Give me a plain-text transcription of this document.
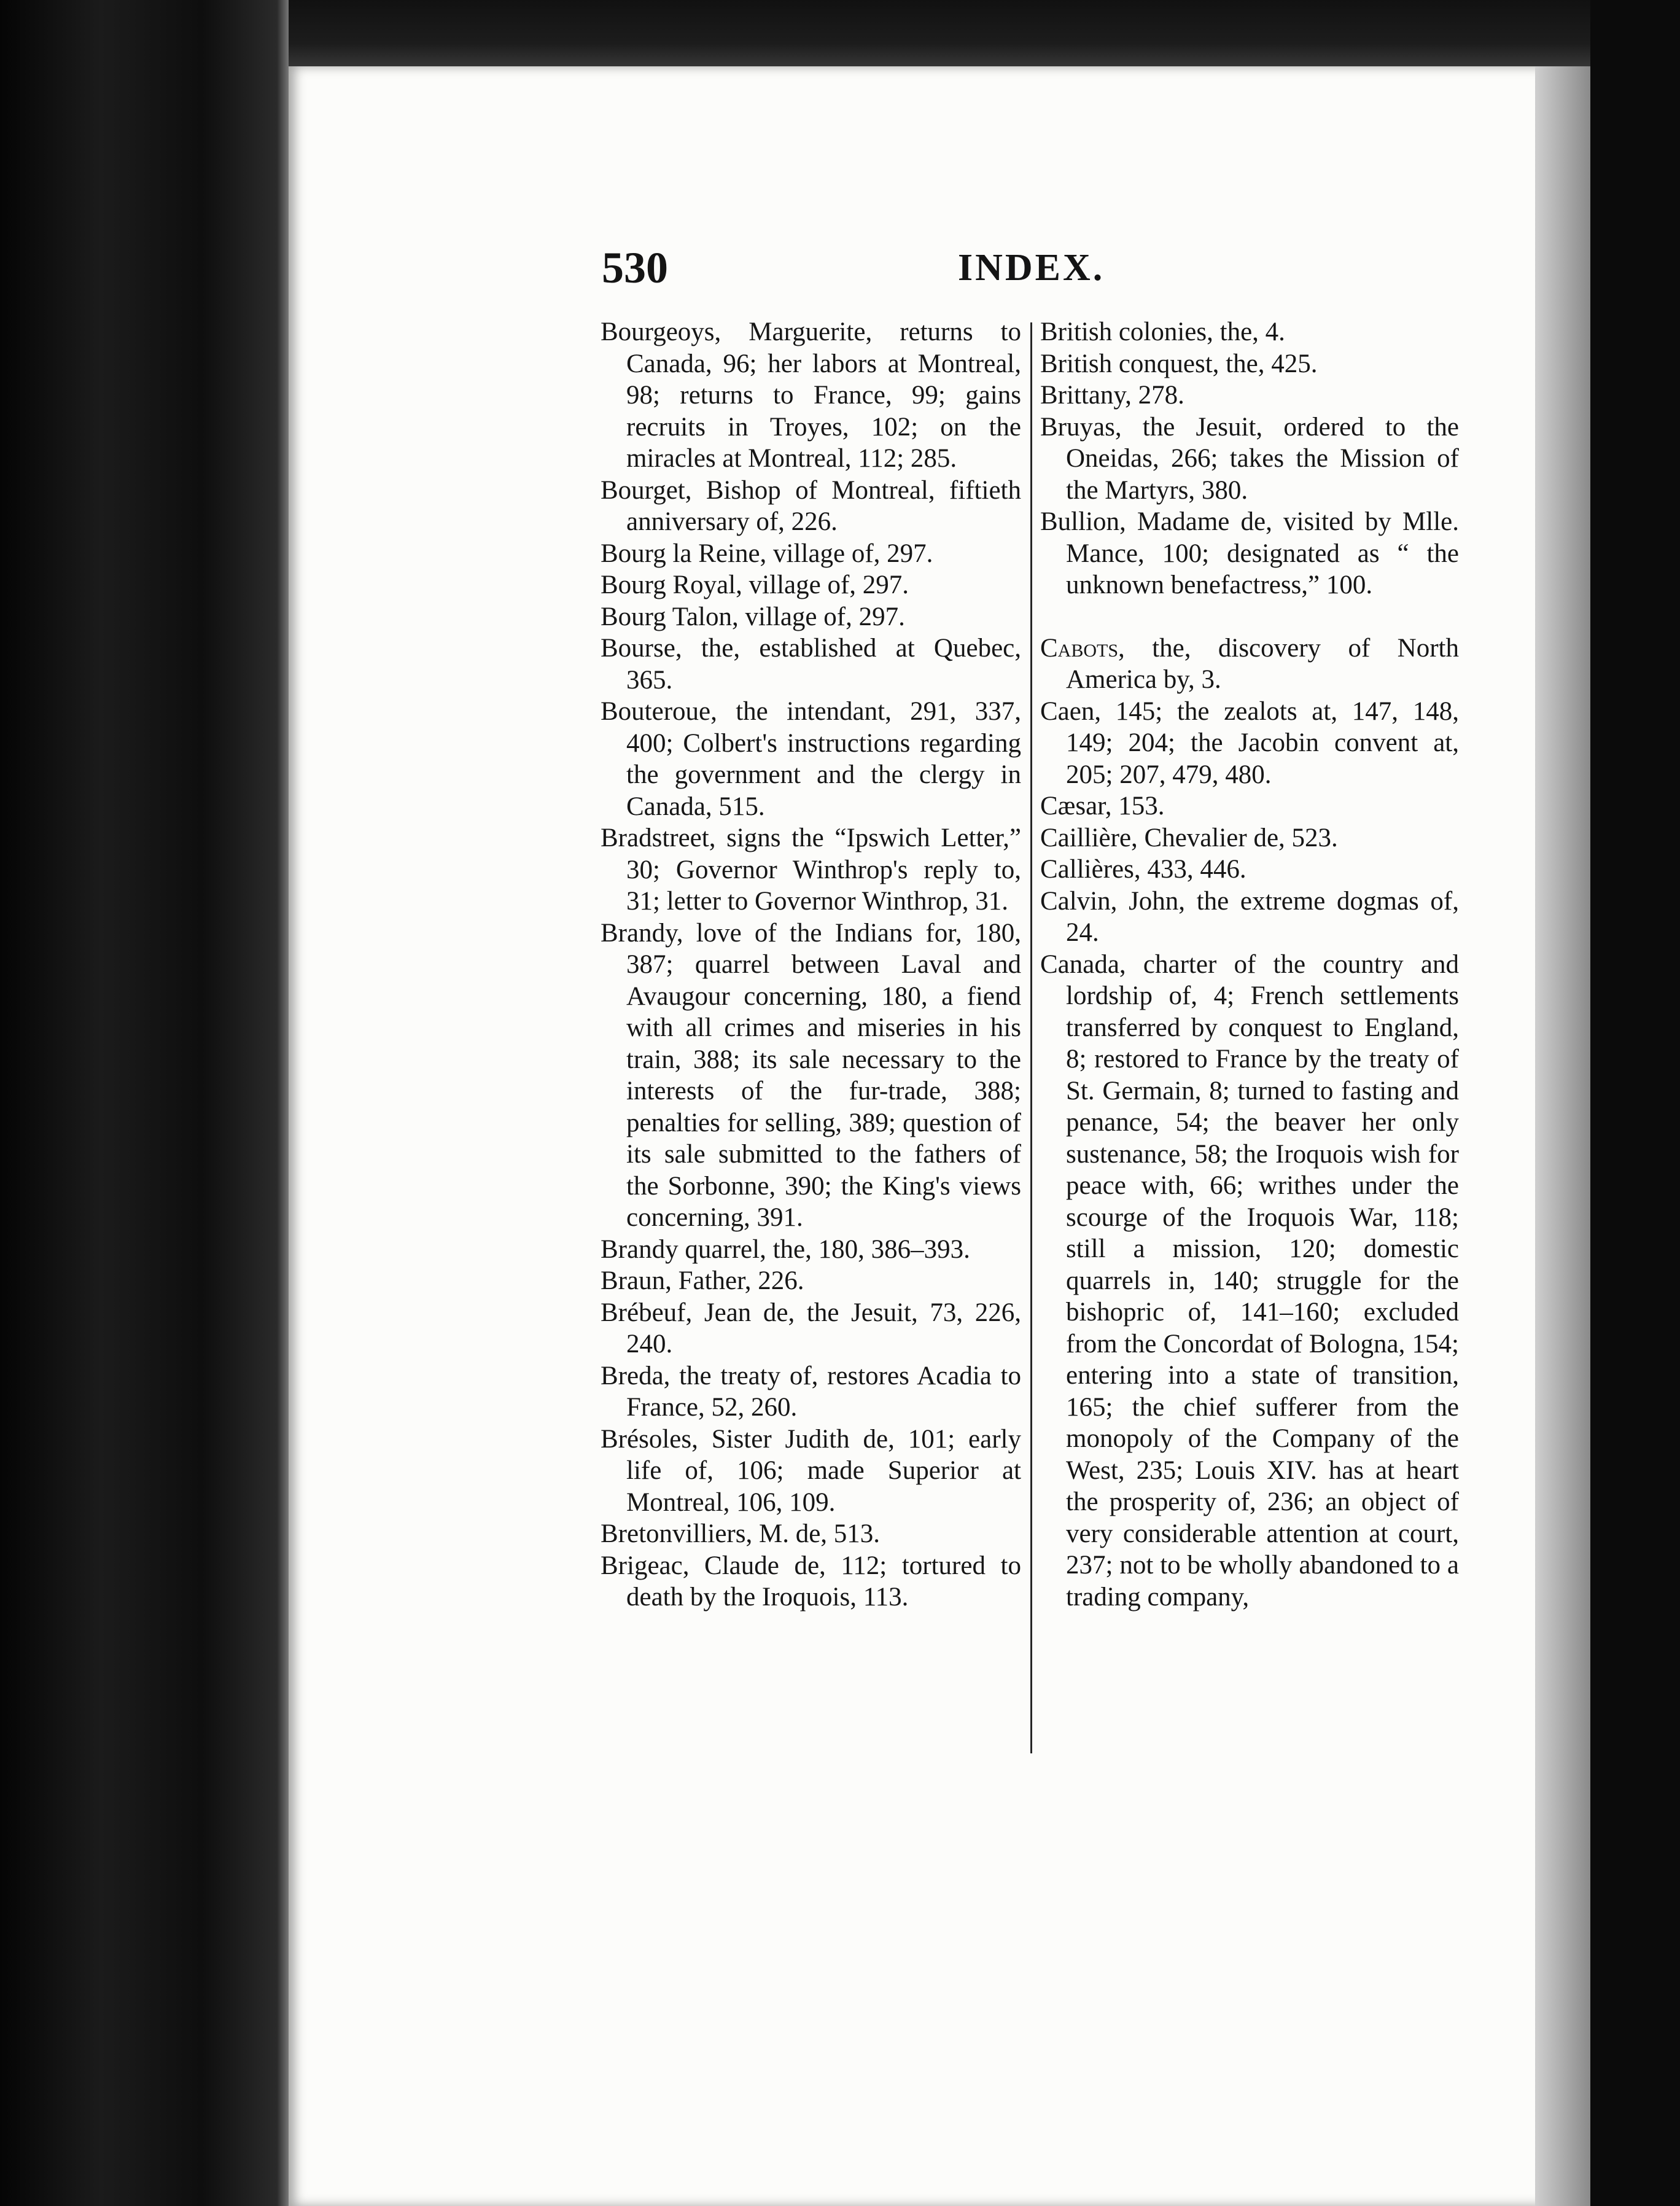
530	INDEX.

Bourgeoys, Marguerite, returns to Canada, 96; her labors at Montreal, 98; returns to France, 99; gains recruits in Troyes, 102; on the miracles at Montreal, 112; 285.

Bourget, Bishop of Montreal, fiftieth anniversary of, 226.

Bourg la Reine, village of, 297.

Bourg Royal, village of, 297.

Bourg Talon, village of, 297.

Bourse, the, established at Quebec, 365.

Bouteroue, the intendant, 291, 337, 400; Colbert's instructions regarding the government and the clergy in Canada, 515.

Bradstreet, signs the “Ipswich Letter,” 30; Governor Winthrop's reply to, 31; letter to Governor Winthrop, 31.

Brandy, love of the Indians for, 180, 387; quarrel between Laval and Avaugour concerning, 180, a fiend with all crimes and miseries in his train, 388; its sale necessary to the interests of the fur-trade, 388; penalties for selling, 389; question of its sale submitted to the fathers of the Sorbonne, 390; the King's views concerning, 391.

Brandy quarrel, the, 180, 386–393.

Braun, Father, 226.

Brébeuf, Jean de, the Jesuit, 73, 226, 240.

Breda, the treaty of, restores Acadia to France, 52, 260.

Brésoles, Sister Judith de, 101; early life of, 106; made Superior at Montreal, 106, 109.

Bretonvilliers, M. de, 513.

Brigeac, Claude de, 112; tortured to death by the Iroquois, 113.

British colonies, the, 4.

British conquest, the, 425.

Brittany, 278.

Bruyas, the Jesuit, ordered to the Oneidas, 266; takes the Mission of the Martyrs, 380.

Bullion, Madame de, visited by Mlle. Mance, 100; designated as “ the unknown benefactress,” 100.

Cabots, the, discovery of North America by, 3.

Caen, 145; the zealots at, 147, 148, 149; 204; the Jacobin convent at, 205; 207, 479, 480.

Cæsar, 153.

Caillière, Chevalier de, 523.

Callières, 433, 446.

Calvin, John, the extreme dogmas of, 24.

Canada, charter of the country and lordship of, 4; French settlements transferred by conquest to England, 8; restored to France by the treaty of St. Germain, 8; turned to fasting and penance, 54; the beaver her only sustenance, 58; the Iroquois wish for peace with, 66; writhes under the scourge of the Iroquois War, 118; still a mission, 120; domestic quarrels in, 140; struggle for the bishopric of, 141–160; excluded from the Concordat of Bologna, 154; entering into a state of transition, 165; the chief sufferer from the monopoly of the Company of the West, 235; Louis XIV. has at heart the prosperity of, 236; an object of very considerable attention at court, 237; not to be wholly abandoned to a trading company,
